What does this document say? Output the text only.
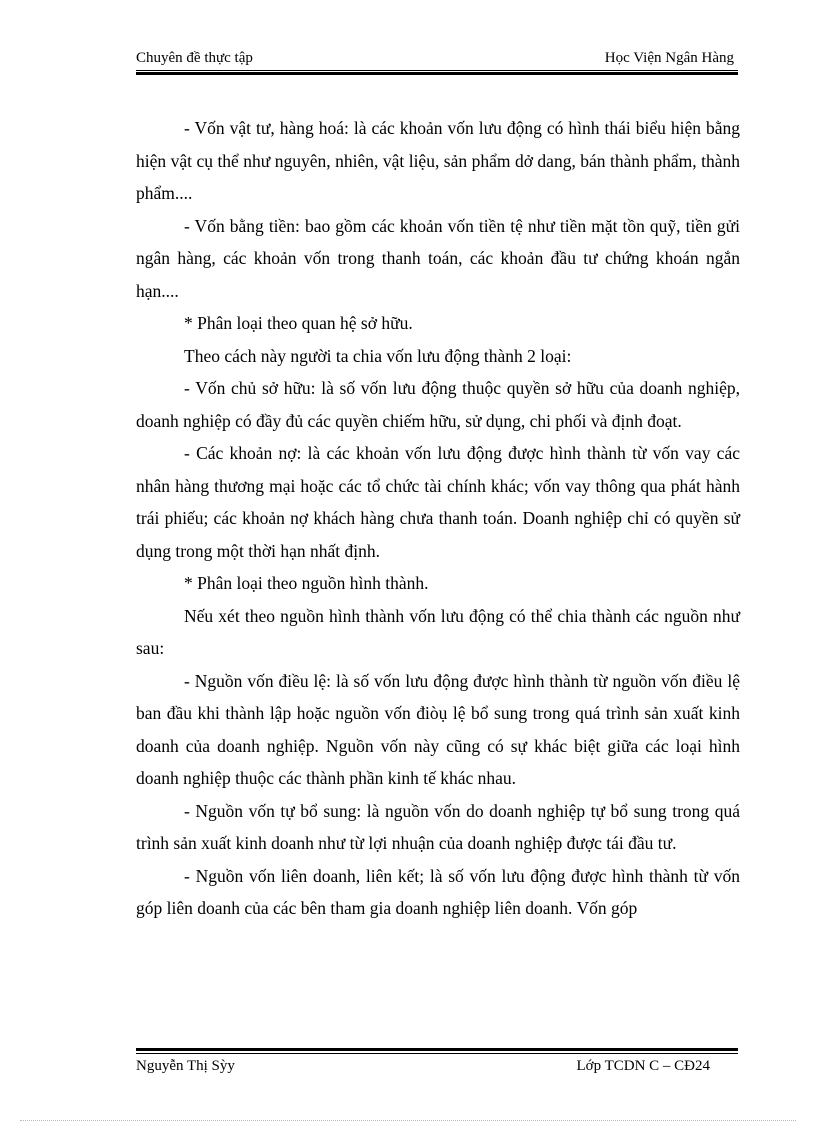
Chuyên đề thực tập	Học Viện Ngân Hàng

- Vốn vật tư, hàng hoá: là các khoản vốn lưu động có hình thái biểu hiện bằng hiện vật cụ thể như nguyên, nhiên, vật liệu, sản phẩm dở dang, bán thành phẩm, thành phẩm....

- Vốn bằng tiền: bao gồm các khoản vốn tiền tệ như tiền mặt tồn quỹ, tiền gửi ngân hàng, các khoản vốn trong thanh toán, các khoản đầu tư chứng khoán ngắn hạn....

* Phân loại theo quan hệ sở hữu.

Theo cách này người ta chia vốn lưu động thành 2 loại:

- Vốn chủ sở hữu: là số vốn lưu động thuộc quyền sở hữu của doanh nghiệp, doanh nghiệp có đầy đủ các quyền chiếm hữu, sử dụng, chi phối và định đoạt.

- Các khoản nợ: là các khoản vốn lưu động được hình thành từ vốn vay các nhân hàng thương mại hoặc các tổ chức tài chính khác; vốn vay thông qua phát hành trái phiếu; các khoản nợ khách hàng chưa thanh toán. Doanh nghiệp chỉ có quyền sử dụng trong một thời hạn nhất định.

* Phân loại theo nguồn hình thành.

Nếu xét theo nguồn hình thành vốn lưu động có thể chia thành các nguồn như sau:

- Nguồn vốn điều lệ: là số vốn lưu động được hình thành từ nguồn vốn điều lệ ban đầu khi thành lập hoặc nguồn vốn điòụ lệ bổ sung trong quá trình sản xuất kinh doanh của doanh nghiệp. Nguồn vốn này cũng có sự khác biệt giữa các loại hình doanh nghiệp thuộc các thành phần kinh tế khác nhau.

- Nguồn vốn tự bổ sung: là nguồn vốn do doanh nghiệp tự bổ sung trong quá trình sản xuất kinh doanh như từ lợi nhuận của doanh nghiệp được tái đầu tư.

- Nguồn vốn liên doanh, liên kết; là số vốn lưu động được hình thành từ vốn góp liên doanh của các bên tham gia doanh nghiệp liên doanh. Vốn góp

Nguyễn Thị Sỳy	Lớp TCDN C – CĐ24
